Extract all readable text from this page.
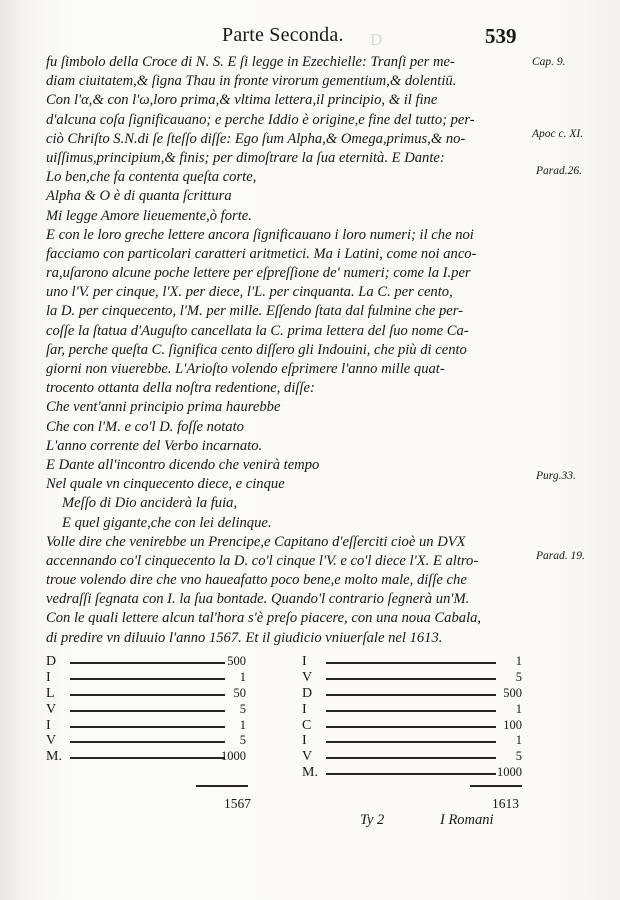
D
Parte Seconda.	539
fu ſimbolo della Croce di N. S. E ſi legge in Ezechielle: Tranſi per me-
diam ciuitatem,& ſigna Thau in fronte virorum gementium,& dolentiū.
Con l'α,& con l'ω,loro prima,& vltima lettera,il principio, & il fine
d'alcuna coſa ſignificauano; e perche Iddio è origine,e fine del tutto; per-
ciò Chriſto S.N.di ſe ſteſſo diſſe: Ego ſum Alpha,& Omega,primus,& no-
uiſſimus,principium,& finis; per dimoſtrare la ſua eternità. E Dante:
Lo ben,che fa contenta queſta corte,
Alpha & O è di quanta ſcrittura
Mi legge Amore lieuemente,ò forte.
E con le loro greche lettere ancora ſignificauano i loro numeri; il che noi
facciamo con particolari caratteri aritmetici. Ma i Latini, come noi anco-
ra,uſarono alcune poche lettere per eſpreſſione de' numeri; come la I.per
uno l'V. per cinque, l'X. per diece, l'L. per cinquanta. La C. per cento,
la D. per cinquecento, l'M. per mille. Eſſendo ſtata dal fulmine che per-
coſſe la ſtatua d'Auguſto cancellata la C. prima lettera del ſuo nome Ca-
ſar, perche queſta C. ſignifica cento diſſero gli Indouini, che più di cento
giorni non viuerebbe. L'Arioſto volendo eſprimere l'anno mille quat-
trocento ottanta della noſtra redentione, diſſe:
Che vent'anni principio prima haurebbe
Che con l'M. e co'l D. foſſe notato
L'anno corrente del Verbo incarnato.
E Dante all'incontro dicendo che venirà tempo
Nel quale vn cinquecento diece, e cinque
Meſſo di Dio anciderà la fuia,
E quel gigante,che con lei delinque.
Volle dire che venirebbe un Prencipe,e Capitano d'eſſerciti cioè un DVX
accennando co'l cinquecento la D. co'l cinque l'V. e co'l diece l'X. E altro-
troue volendo dire che vno haueafatto poco bene,e molto male, diſſe che
vedraſſi ſegnata con I. la ſua bontade. Quando'l contrario ſegnerà un'M.
Con le quali lettere alcun tal'hora s'è preſo piacere, con una noua Cabala,
di predire vn diluuio l'anno 1567. Et il giudicio vniuerſale nel 1613.
Cap. 9.
Apoc c. XI.
Parad.26.
Purg.33.
Parad. 19.
D	500
I	1
L	50
V	5
I	1
V	5
M.	1000
1567
I	1
V	5
D	500
I	1
C	100
I	1
V	5
M.	1000
1613
Ty 2	I Romani
